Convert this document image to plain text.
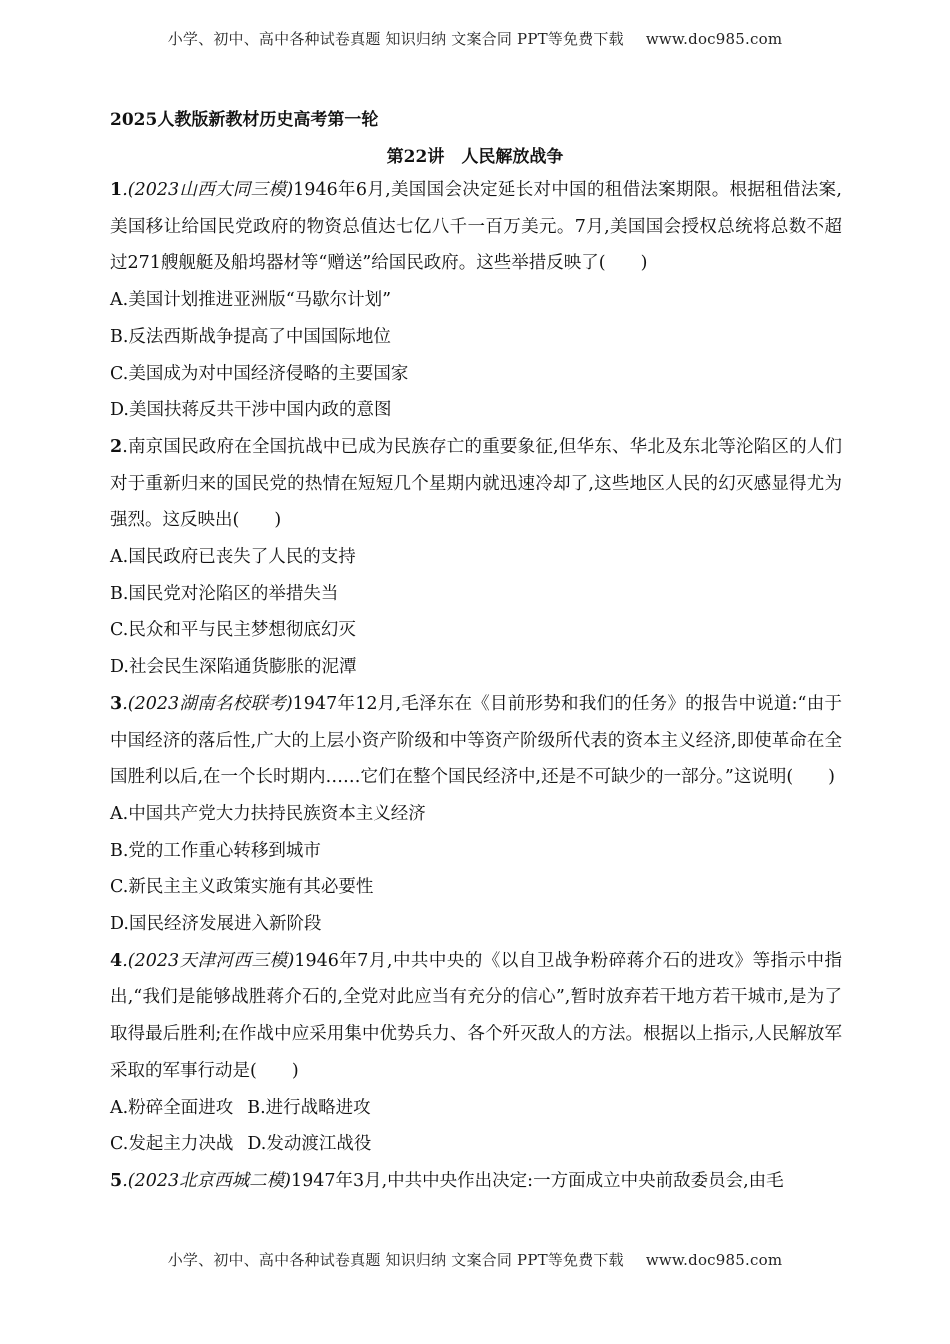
小学、初中、高中各种试卷真题 知识归纳 文案合同 PPT等免费下载 www.doc985.com
2025人教版新教材历史高考第一轮
第22讲　人民解放战争
1.(2023山西大同三模)1946年6月,美国国会决定延长对中国的租借法案期限。根据租借法案,美国移让给国民党政府的物资总值达七亿八千一百万美元。7月,美国国会授权总统将总数不超过271艘舰艇及船坞器材等“赠送”给国民政府。这些举措反映了(　　)
A.美国计划推进亚洲版“马歇尔计划”
B.反法西斯战争提高了中国国际地位
C.美国成为对中国经济侵略的主要国家
D.美国扶蒋反共干涉中国内政的意图
2.南京国民政府在全国抗战中已成为民族存亡的重要象征,但华东、华北及东北等沦陷区的人们对于重新归来的国民党的热情在短短几个星期内就迅速冷却了,这些地区人民的幻灭感显得尤为强烈。这反映出(　　)
A.国民政府已丧失了人民的支持
B.国民党对沦陷区的举措失当
C.民众和平与民主梦想彻底幻灭
D.社会民生深陷通货膨胀的泥潭
3.(2023湖南名校联考)1947年12月,毛泽东在《目前形势和我们的任务》的报告中说道:“由于中国经济的落后性,广大的上层小资产阶级和中等资产阶级所代表的资本主义经济,即使革命在全国胜利以后,在一个长时期内……它们在整个国民经济中,还是不可缺少的一部分。”这说明(　　)
A.中国共产党大力扶持民族资本主义经济
B.党的工作重心转移到城市
C.新民主主义政策实施有其必要性
D.国民经济发展进入新阶段
4.(2023天津河西三模)1946年7月,中共中央的《以自卫战争粉碎蒋介石的进攻》等指示中指出,“我们是能够战胜蒋介石的,全党对此应当有充分的信心”,暂时放弃若干地方若干城市,是为了取得最后胜利;在作战中应采用集中优势兵力、各个歼灭敌人的方法。根据以上指示,人民解放军采取的军事行动是(　　)
A.粉碎全面进攻 B.进行战略进攻
C.发起主力决战 D.发动渡江战役
5.(2023北京西城二模)1947年3月,中共中央作出决定:一方面成立中央前敌委员会,由毛
小学、初中、高中各种试卷真题 知识归纳 文案合同 PPT等免费下载 www.doc985.com
